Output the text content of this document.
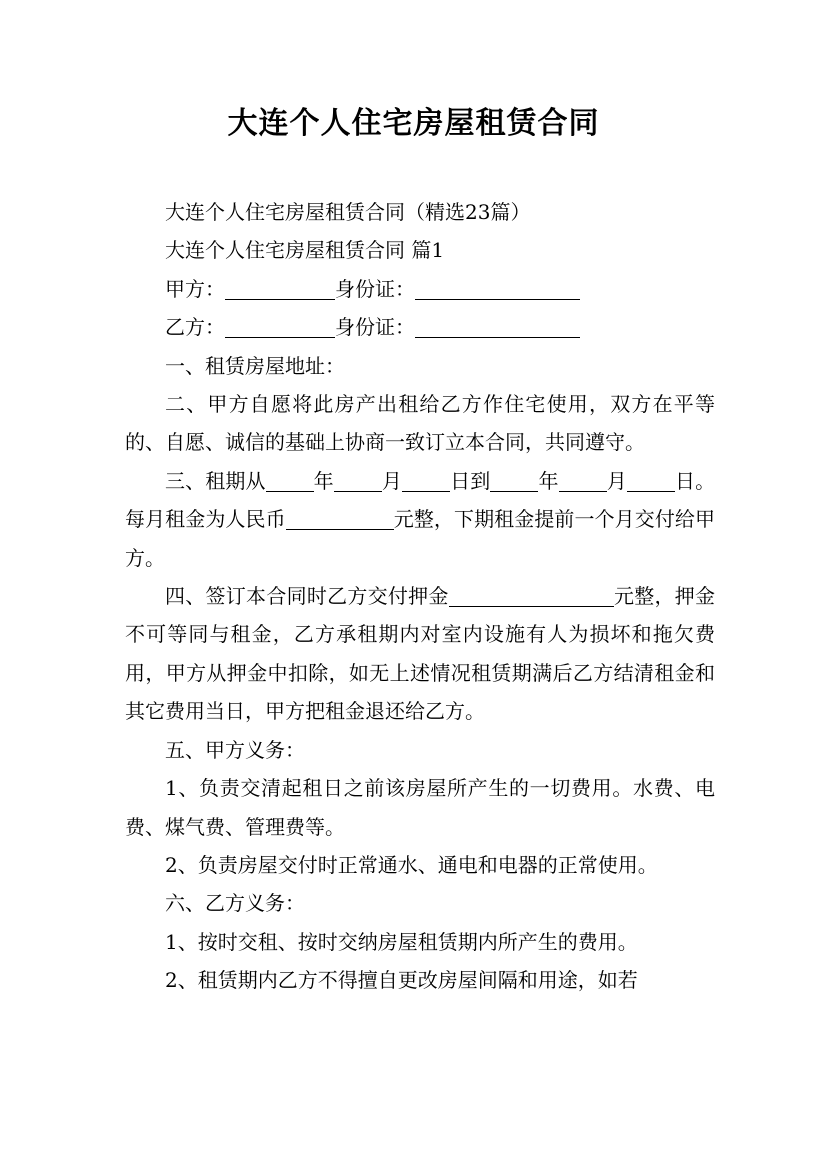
大连个人住宅房屋租赁合同

大连个人住宅房屋租赁合同（精选23篇）

大连个人住宅房屋租赁合同 篇1

甲方：	身份证：

乙方：	身份证：

一、租赁房屋地址：

二、甲方自愿将此房产出租给乙方作住宅使用，双方在平等的、自愿、诚信的基础上协商一致订立本合同，共同遵守。

三、租期从 年 月 日到 年 月 日。每月租金为人民币	元整，下期租金提前一个月交付给甲方。

四、签订本合同时乙方交付押金	元整，押金不可等同与租金，乙方承租期内对室内设施有人为损坏和拖欠费用，甲方从押金中扣除，如无上述情况租赁期满后乙方结清租金和其它费用当日，甲方把租金退还给乙方。

五、甲方义务：

1、负责交清起租日之前该房屋所产生的一切费用。水费、电费、煤气费、管理费等。

2、负责房屋交付时正常通水、通电和电器的正常使用。

六、乙方义务：

1、按时交租、按时交纳房屋租赁期内所产生的费用。

2、租赁期内乙方不得擅自更改房屋间隔和用途，如若
